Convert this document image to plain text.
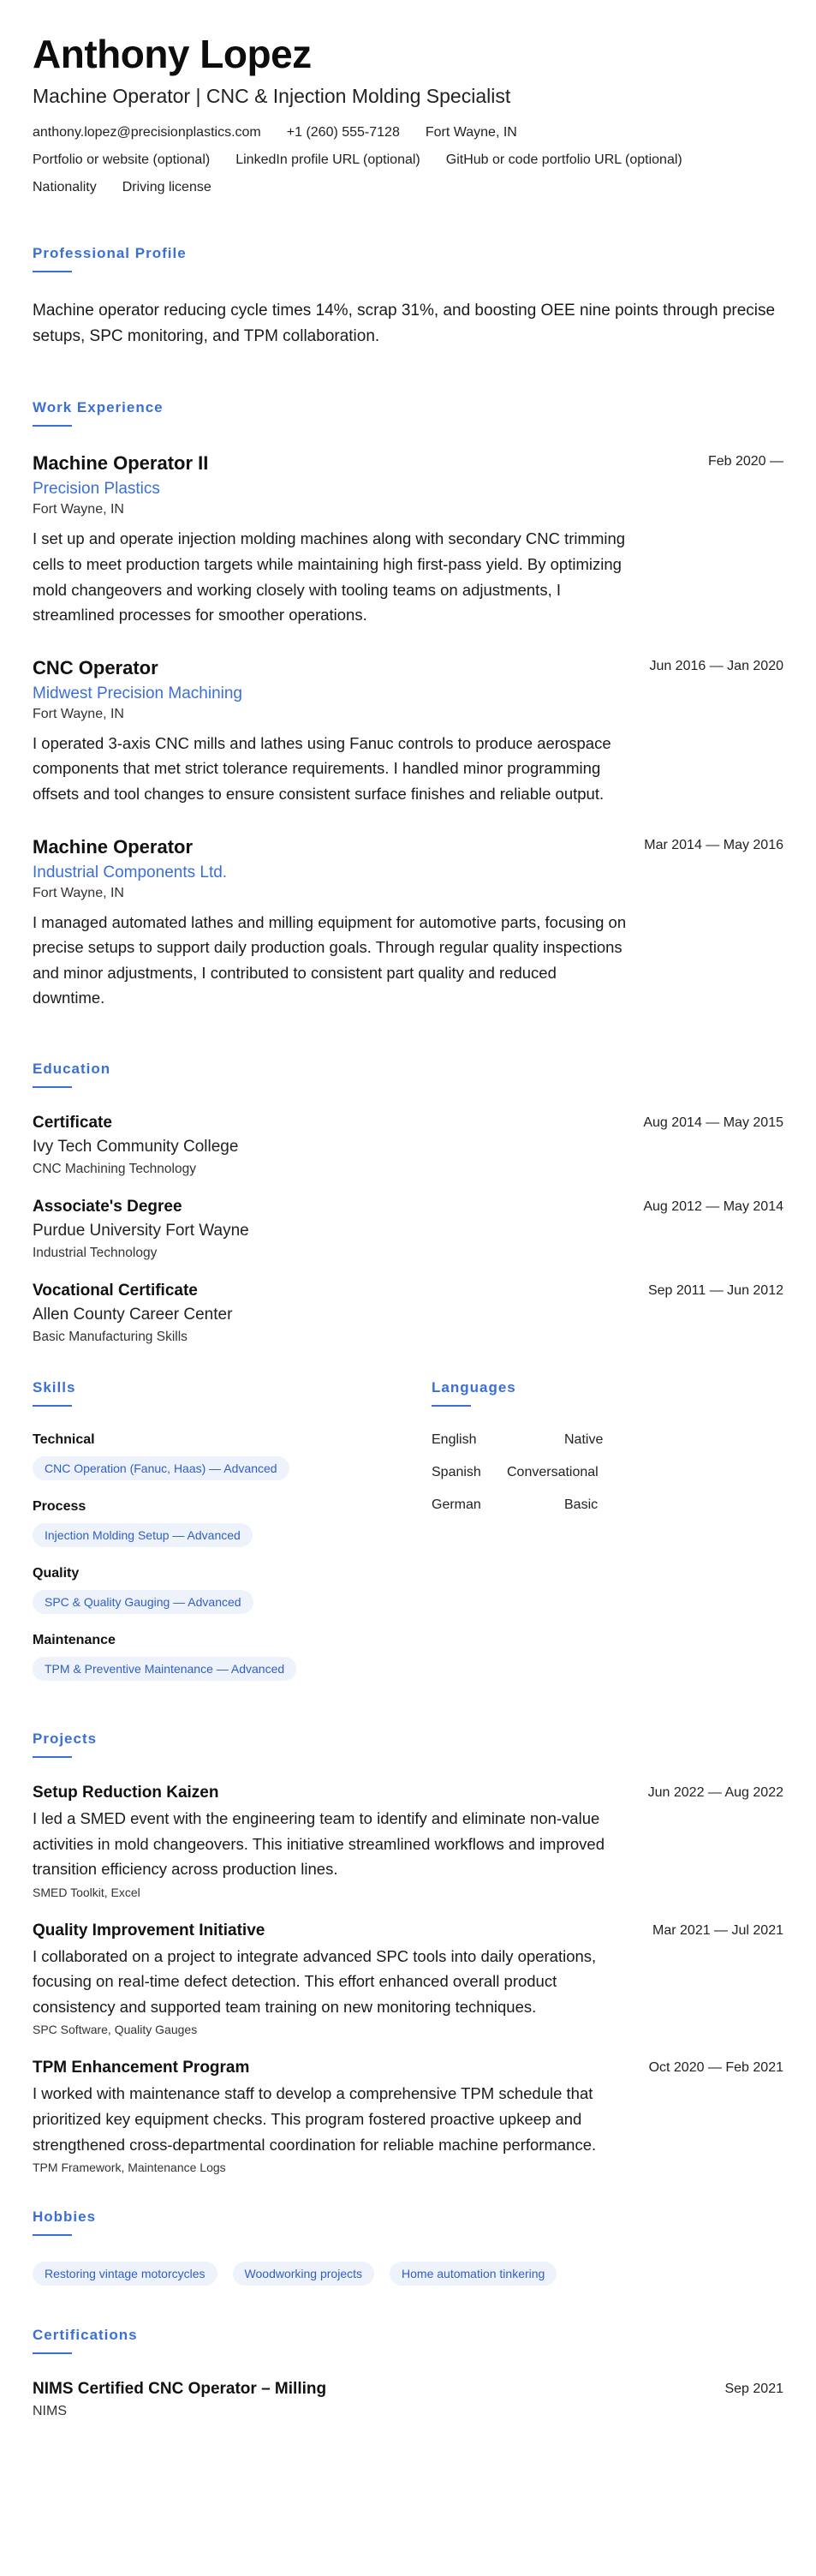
Anthony Lopez
Machine Operator | CNC & Injection Molding Specialist
anthony.lopez@precisionplastics.com +1 (260) 555-7128 Fort Wayne, IN
Portfolio or website (optional) LinkedIn profile URL (optional) GitHub or code portfolio URL (optional)
Nationality Driving license
Professional Profile

Machine operator reducing cycle times 14%, scrap 31%, and boosting OEE nine points through precise setups, SPC monitoring, and TPM collaboration.

Work Experience
Feb 2020 —
Machine Operator II
Precision Plastics
Fort Wayne, IN

I set up and operate injection molding machines along with secondary CNC trimming cells to meet production targets while maintaining high first-pass yield. By optimizing mold changeovers and working closely with tooling teams on adjustments, I streamlined processes for smoother operations.

Jun 2016 — Jan 2020
CNC Operator
Midwest Precision Machining
Fort Wayne, IN

I operated 3-axis CNC mills and lathes using Fanuc controls to produce aerospace components that met strict tolerance requirements. I handled minor programming offsets and tool changes to ensure consistent surface finishes and reliable output.

Mar 2014 — May 2016
Machine Operator
Industrial Components Ltd.
Fort Wayne, IN

I managed automated lathes and milling equipment for automotive parts, focusing on precise setups to support daily production goals. Through regular quality inspections and minor adjustments, I contributed to consistent part quality and reduced downtime.

Education
Aug 2014 — May 2015
Certificate
Ivy Tech Community College
CNC Machining Technology
Aug 2012 — May 2014
Associate's Degree
Purdue University Fort Wayne
Industrial Technology
Sep 2011 — Jun 2012
Vocational Certificate
Allen County Career Center
Basic Manufacturing Skills
Skills
Technical
CNC Operation (Fanuc, Haas) — Advanced
Process
Injection Molding Setup — Advanced
Quality
SPC & Quality Gauging — Advanced
Maintenance
TPM & Preventive Maintenance — Advanced
Languages
English	Native
Spanish	Conversational
German	Basic
Projects
Jun 2022 — Aug 2022
Setup Reduction Kaizen

I led a SMED event with the engineering team to identify and eliminate non-value activities in mold changeovers. This initiative streamlined workflows and improved transition efficiency across production lines.

SMED Toolkit, Excel
Mar 2021 — Jul 2021
Quality Improvement Initiative

I collaborated on a project to integrate advanced SPC tools into daily operations, focusing on real-time defect detection. This effort enhanced overall product consistency and supported team training on new monitoring techniques.

SPC Software, Quality Gauges
Oct 2020 — Feb 2021
TPM Enhancement Program

I worked with maintenance staff to develop a comprehensive TPM schedule that prioritized key equipment checks. This program fostered proactive upkeep and strengthened cross-departmental coordination for reliable machine performance.

TPM Framework, Maintenance Logs
Hobbies
Restoring vintage motorcycles	Woodworking projects	Home automation tinkering
Certifications
Sep 2021
NIMS Certified CNC Operator – Milling
NIMS
